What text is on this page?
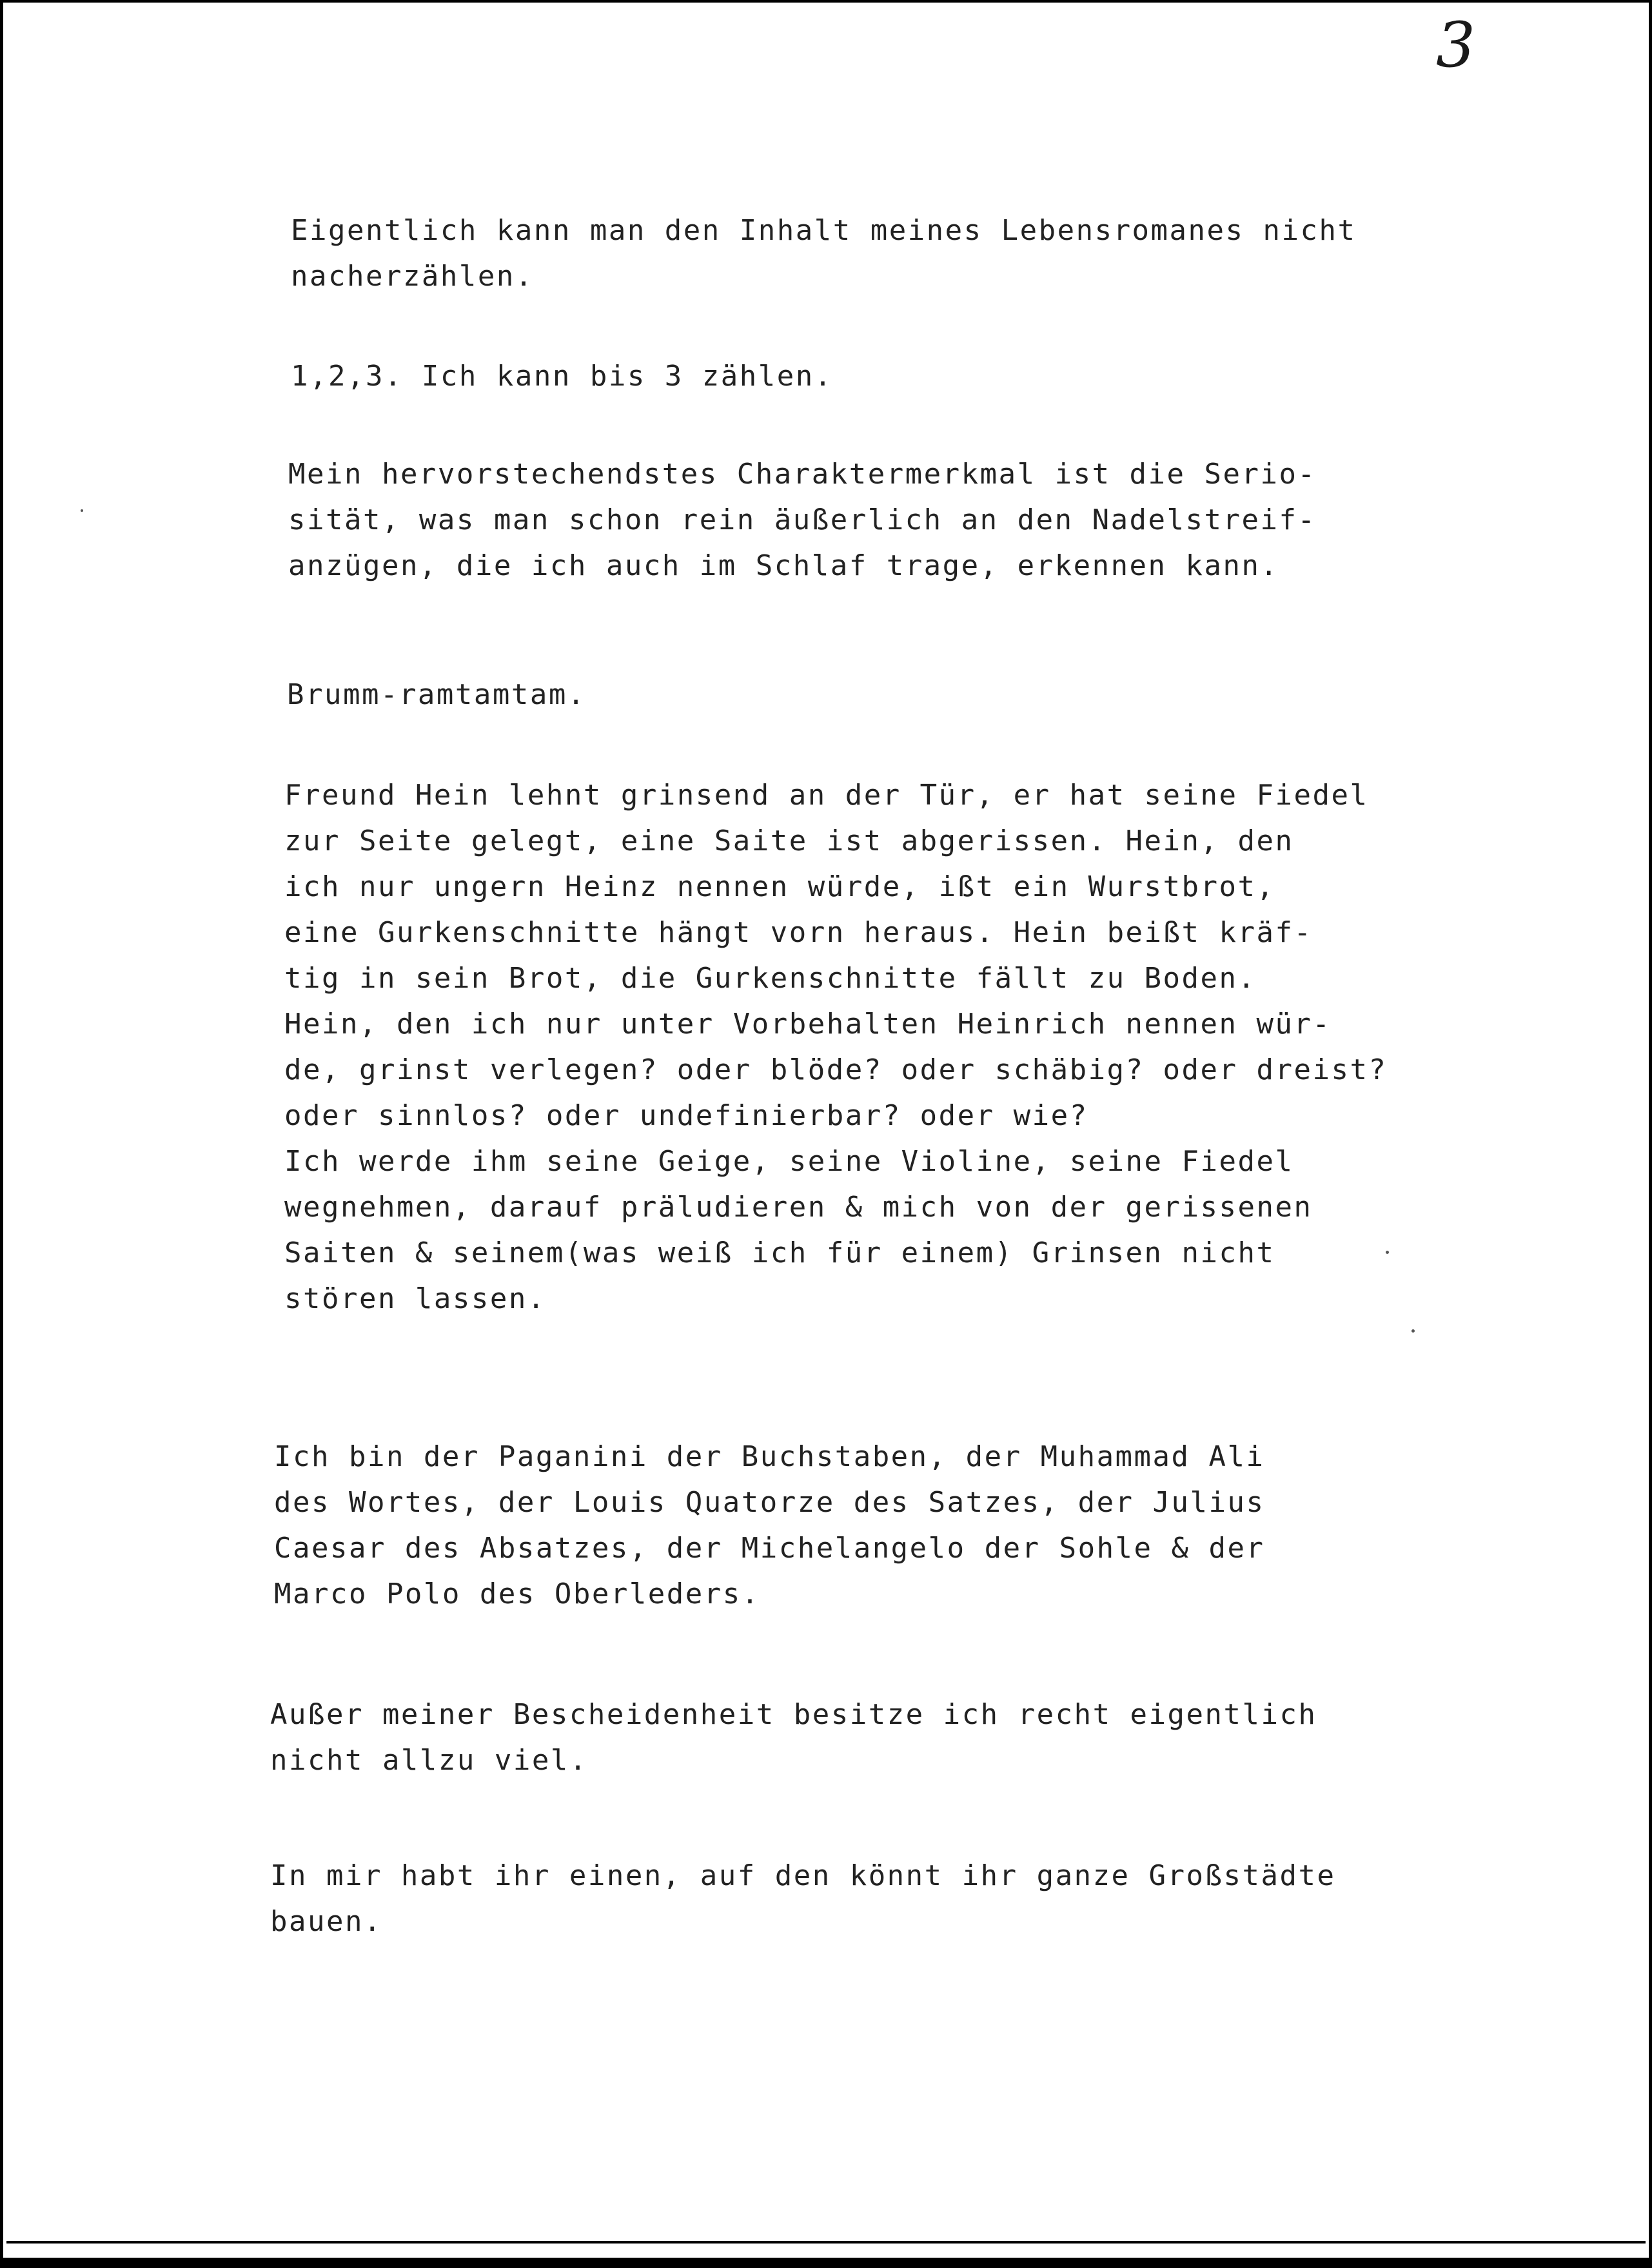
3
Eigentlich kann man den Inhalt meines Lebensromanes nicht
nacherzählen.
1,2,3. Ich kann bis 3 zählen.
Mein hervorstechendstes Charaktermerkmal ist die Serio-
sität, was man schon rein äußerlich an den Nadelstreif-
anzügen, die ich auch im Schlaf trage, erkennen kann.
Brumm-ramtamtam.
Freund Hein lehnt grinsend an der Tür, er hat seine Fiedel
zur Seite gelegt, eine Saite ist abgerissen. Hein, den
ich nur ungern Heinz nennen würde, ißt ein Wurstbrot,
eine Gurkenschnitte hängt vorn heraus. Hein beißt kräf-
tig in sein Brot, die Gurkenschnitte fällt zu Boden.
Hein, den ich nur unter Vorbehalten Heinrich nennen wür-
de, grinst verlegen? oder blöde? oder schäbig? oder dreist?
oder sinnlos? oder undefinierbar? oder wie?
Ich werde ihm seine Geige, seine Violine, seine Fiedel
wegnehmen, darauf präludieren & mich von der gerissenen
Saiten & seinem(was weiß ich für einem) Grinsen nicht
stören lassen.
Ich bin der Paganini der Buchstaben, der Muhammad Ali
des Wortes, der Louis Quatorze des Satzes, der Julius
Caesar des Absatzes, der Michelangelo der Sohle & der
Marco Polo des Oberleders.
Außer meiner Bescheidenheit besitze ich recht eigentlich
nicht allzu viel.
In mir habt ihr einen, auf den könnt ihr ganze Großstädte
bauen.
